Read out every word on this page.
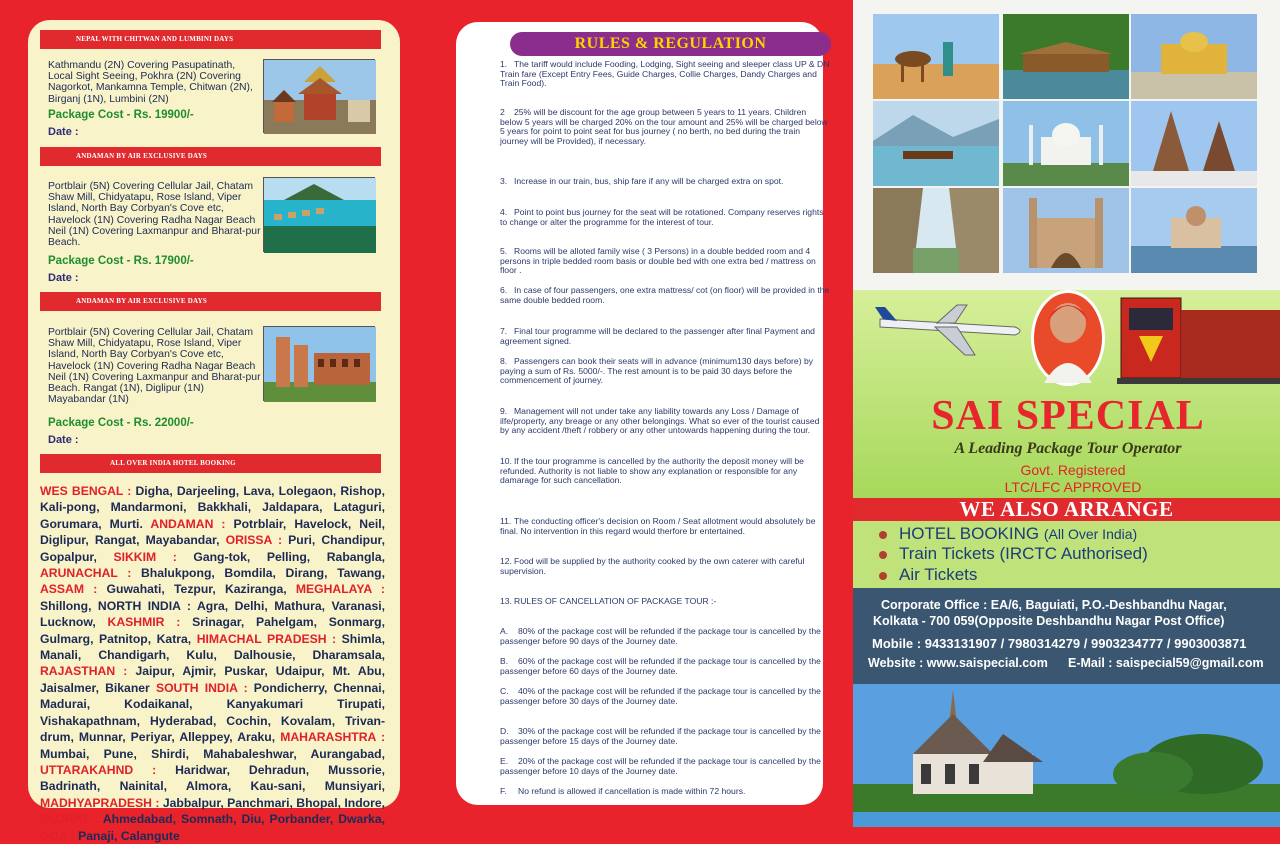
NEPAL WITH CHITWAN AND LUMBINI DAYS
Kathmandu (2N) Covering Pasupatinath, Local Sight Seeing, Pokhra (2N) Covering Nagorkot, Mankamna Temple, Chitwan (2N), Birganj (1N), Lumbini (2N)
Package Cost - Rs. 19900/-
Date :
ANDAMAN BY AIR EXCLUSIVE DAYS
Portblair (5N) Covering Cellular Jail, Chatam Shaw Mill, Chidyatapu, Rose Island, Viper Island, North Bay Corbyan's Cove etc, Havelock (1N) Covering Radha Nagar Beach Neil (1N) Covering Laxmanpur and Bharat-pur Beach.
Package Cost - Rs. 17900/-
Date :
ANDAMAN BY AIR EXCLUSIVE DAYS
Portblair (5N) Covering Cellular Jail, Chatam Shaw Mill, Chidyatapu, Rose Island, Viper Island, North Bay Corbyan's Cove etc, Havelock (1N) Covering Radha Nagar Beach Neil (1N) Covering Laxmanpur and Bharat-pur Beach. Rangat (1N), Diglipur (1N) Mayabandar (1N)
Package Cost - Rs. 22000/-
Date :
ALL OVER INDIA HOTEL BOOKING
WES BENGAL : Digha, Darjeeling, Lava, Lolegaon, Rishop, Kali-pong, Mandarmoni, Bakkhali, Jaldapara, Lataguri, Gorumara, Murti. ANDAMAN : Potrblair, Havelock, Neil, Diglipur, Rangat, Mayabandar, ORISSA : Puri, Chandipur, Gopalpur, SIKKIM : Gang-tok, Pelling, Rabangla, ARUNACHAL : Bhalukpong, Bomdila, Dirang, Tawang, ASSAM : Guwahati, Tezpur, Kaziranga, MEGHALAYA : Shillong, NORTH INDIA : Agra, Delhi, Mathura, Varanasi, Lucknow, KASHMIR : Srinagar, Pahelgam, Sonmarg, Gulmarg, Patnitop, Katra, HIMACHAL PRADESH : Shimla, Manali, Chandigarh, Kulu, Dalhousie, Dharamsala, RAJASTHAN : Jaipur, Ajmir, Puskar, Udaipur, Mt. Abu, Jaisalmer, Bikaner SOUTH INDIA : Pondicherry, Chennai, Madurai, Kodaikanal, Kanyakumari Tirupati, Vishakapathnam, Hyderabad, Cochin, Kovalam, Trivan-drum, Munnar, Periyar, Alleppey, Araku, MAHARASHTRA : Mumbai, Pune, Shirdi, Mahabaleshwar, Aurangabad, UTTARAKAHND : Haridwar, Dehradun, Mussorie, Badrinath, Nainital, Almora, Kau-sani, Munsiyari, MADHYAPRADESH : Jabbalpur, Panchmari, Bhopal, Indore, GUJRAT : Ahmedabad, Somnath, Diu, Porbander, Dwarka, GOA : Panaji, Calangute
RULES & REGULATION
1. The tariff would include Fooding, Lodging, Sight seeing and sleeper class UP & DN Train fare (Except Entry Fees, Guide Charges, Collie Charges, Dandy Charges and Train Food).
2 25% will be discount for the age group between 5 years to 11 years. Children below 5 years will be charged 20% on the tour amount and 25% will be charged below 5 years for point to point seat for bus journey ( no berth, no bed during the train journey will be Provided), if necessary.
3. Increase in our train, bus, ship fare if any will be charged extra on spot.
4. Point to point bus journey for the seat will be rotationed. Company reserves rights to change or alter the programme for the interest of tour.
5. Rooms will be alloted family wise ( 3 Persons) in a double bedded room and 4 persons in triple bedded room basis or double bed with one extra bed / mattress on floor .
6. In case of four passengers, one extra mattress/ cot (on floor) will be provided in the same double bedded room.
7. Final tour programme will be declared to the passenger after final Payment and agreement signed.
8. Passengers can book their seats will in advance (minimum130 days before) by paying a sum of Rs. 5000/-. The rest amount is to be paid 30 days before the commencement of journey.
9. Management will not under take any liability towards any Loss / Damage of ilfe/property, any breage or any other belongings. What so ever of the tourist caused by any accident /theft / robbery or any other untowards happening during the tour.
10. If the tour programme is cancelled by the authority the deposit money will be refunded. Authority is not liable to show any explanation or responsible for any damarage for such cancellation.
11. The conducting officer's decision on Room / Seat allotment would absolutely be final. No intervention in this regard would therfore br entertained.
12. Food will be supplied by the authority cooked by the own caterer with careful supervision.
13. RULES OF CANCELLATION OF PACKAGE TOUR :-
A. 80% of the package cost will be refunded if the package tour is cancelled by the passenger before 90 days of the Journey date.
B. 60% of the package cost will be refunded if the package tour is cancelled by the passenger before 60 days of the Journey date.
C. 40% of the package cost will be refunded if the package tour is cancelled by the passenger before 30 days of the Journey date.
D. 30% of the package cost will be refunded if the package tour is cancelled by the passenger before 15 days of the Journey date.
E. 20% of the package cost will be refunded if the package tour is cancelled by the passenger before 10 days of the Journey date.
F. No refund is allowed if cancellation is made within 72 hours.
SAI SPECIAL
A Leading Package Tour Operator
Govt. Registered
LTC/LFC APPROVED
WE ALSO ARRANGE
HOTEL BOOKING (All Over India)
Train Tickets (IRCTC Authorised)
Air Tickets
Corporate Office : EA/6, Baguiati, P.O.-Deshbandhu Nagar,
Kolkata - 700 059(Opposite Deshbandhu Nagar Post Office)
Mobile : 9433131907 / 7980314279 / 9903234777 / 9903003871
Website : www.saispecial.com E-Mail : saispecial59@gmail.com
